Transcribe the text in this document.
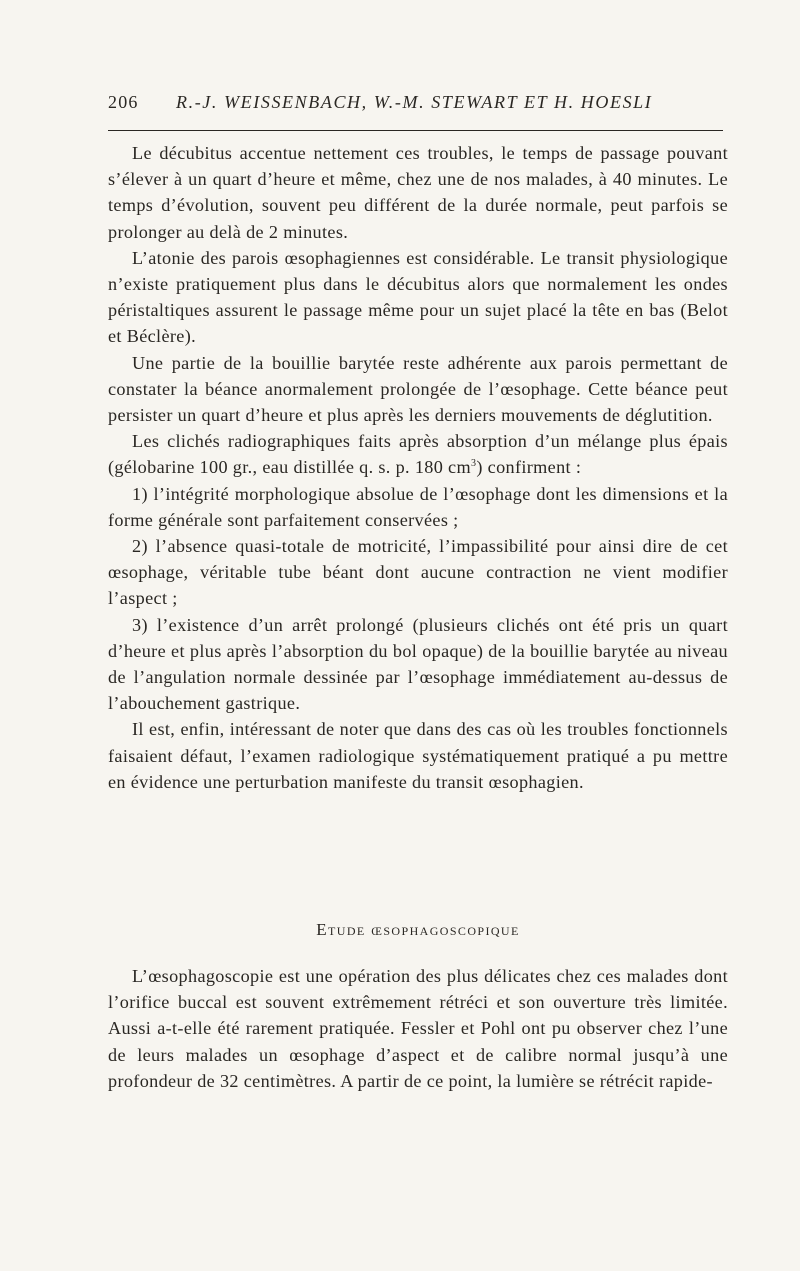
206 R.-J. WEISSENBACH, W.-M. STEWART ET H. HOESLI

Le décubitus accentue nettement ces troubles, le temps de passage pouvant s’élever à un quart d’heure et même, chez une de nos malades, à 40 minutes. Le temps d’évolution, souvent peu différent de la durée normale, peut parfois se prolonger au delà de 2 minutes.

L’atonie des parois œsophagiennes est considérable. Le transit physiologique n’existe pratiquement plus dans le décubitus alors que normalement les ondes péristaltiques assurent le passage même pour un sujet placé la tête en bas (Belot et Béclère).

Une partie de la bouillie barytée reste adhérente aux parois permettant de constater la béance anormalement prolongée de l’œsophage. Cette béance peut persister un quart d’heure et plus après les derniers mouvements de déglutition.

Les clichés radiographiques faits après absorption d’un mélange plus épais (gélobarine 100 gr., eau distillée q. s. p. 180 $cm^3$) confirment :

1) l’intégrité morphologique absolue de l’œsophage dont les dimensions et la forme générale sont parfaitement conservées ;

2) l’absence quasi-totale de motricité, l’impassibilité pour ainsi dire de cet œsophage, véritable tube béant dont aucune contraction ne vient modifier l’aspect ;

3) l’existence d’un arrêt prolongé (plusieurs clichés ont été pris un quart d’heure et plus après l’absorption du bol opaque) de la bouillie barytée au niveau de l’angulation normale dessinée par l’œsophage immédiatement au-dessus de l’abouchement gastrique.

Il est, enfin, intéressant de noter que dans des cas où les troubles fonctionnels faisaient défaut, l’examen radiologique systématiquement pratiqué a pu mettre en évidence une perturbation manifeste du transit œsophagien.

Etude œsophagoscopique

L’œsophagoscopie est une opération des plus délicates chez ces malades dont l’orifice buccal est souvent extrêmement rétréci et son ouverture très limitée. Aussi a-t-elle été rarement pratiquée. Fessler et Pohl ont pu observer chez l’une de leurs malades un œsophage d’aspect et de calibre normal jusqu’à une profondeur de 32 centimètres. A partir de ce point, la lumière se rétrécit rapide-
